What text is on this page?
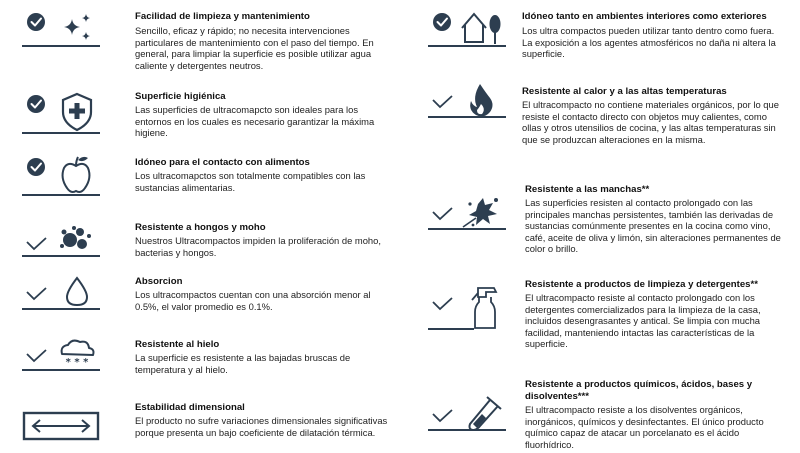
Facilidad de limpieza y mantenimiento
Sencillo, eficaz y rápido; no necesita intervenciones particulares de mantenimiento con el paso del tiempo. En general, para limpiar la superficie es posible utilizar agua caliente y detergentes neutros.
Superficie higiénica
Las superficies de ultracomapcto son ideales para los entornos en los cuales es necesario garantizar la máxima higiene.
Idóneo para el contacto con alimentos
Los ultracomapctos son totalmente compatibles con las sustancias alimentarias.
Resistente a hongos y moho
Nuestros Ultracompactos impiden la proliferación de moho, bacterias y hongos.
Absorcion
Los ultracompactos cuentan con una absorción menor al 0.5%, el valor promedio es 0.1%.
* * *
Resistente al hielo
La superficie es resistente a las bajadas bruscas de temperatura y al hielo.
Estabilidad dimensional
El producto no sufre variaciones dimensionales significativas porque presenta un bajo coeficiente de dilatación térmica.
Idóneo tanto en ambientes interiores como exteriores
Los ultra compactos pueden utilizar tanto dentro como fuera. La exposición a los agentes atmosféricos no daña ni altera la superficie.
Resistente al calor y a las altas temperaturas
El ultracompacto no contiene materiales orgánicos, por lo que resiste el contacto directo con objetos muy calientes, como ollas y otros utensilios de cocina, y las altas temperaturas sin que se produzcan alteraciones en la misma.
Resistente a las manchas**
Las superficies resisten al contacto prolongado con las principales manchas persistentes, también las derivadas de sustancias comúnmente presentes en la cocina como vino, café, aceite de oliva y limón, sin alteraciones permanentes de color o brillo.
Resistente a productos de limpieza y detergentes**
El ultracompacto resiste al contacto prolongado con los detergentes comercializados para la limpieza de la casa, incluidos desengrasantes y antical. Se limpia con mucha facilidad, manteniendo intactas las características de la superficie.
Resistente a productos químicos, ácidos, bases y disolventes***
El ultracompacto resiste a los disolventes orgánicos, inorgánicos, químicos y desinfectantes. El único producto químico capaz de atacar un porcelanato es el ácido fluorhídrico.
